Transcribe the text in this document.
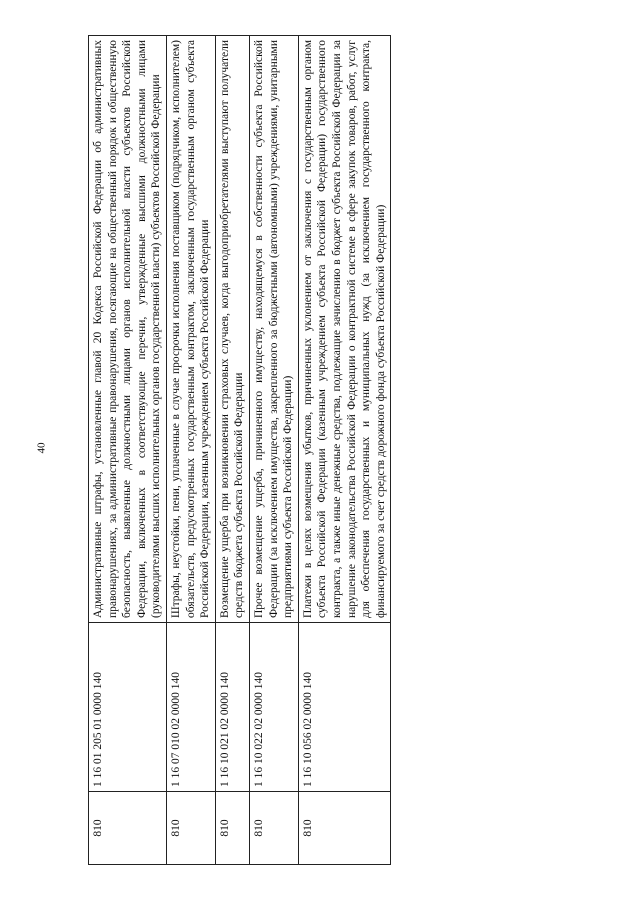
40
810	1 16 01 205 01 0000 140	Административные штрафы, установленные главой 20 Кодекса Российской Федерации об административных правонарушениях, за административные правонарушения, посягающие на общественный порядок и общественную безопасность, выявленные должностными лицами органов исполнительной власти субъектов Российской Федерации, включенных в соответствующие перечни, утвержденные высшими должностными лицами (руководителями высших исполнительных органов государственной власти) субъектов Российской Федерации
810	1 16 07 010 02 0000 140	Штрафы, неустойки, пени, уплаченные в случае просрочки исполнения поставщиком (подрядчиком, исполнителем) обязательств, предусмотренных государственным контрактом, заключенным государственным органом субъекта Российской Федерации, казенным учреждением субъекта Российской Федерации
810	1 16 10 021 02 0000 140	Возмещение ущерба при возникновении страховых случаев, когда выгодоприобретателями выступают получатели средств бюджета субъекта Российской Федерации
810	1 16 10 022 02 0000 140	Прочее возмещение ущерба, причиненного имуществу, находящемуся в собственности субъекта Российской Федерации (за исключением имущества, закрепленного за бюджетными (автономными) учреждениями, унитарными предприятиями субъекта Российской Федерации)
810	1 16 10 056 02 0000 140	Платежи в целях возмещения убытков, причиненных уклонением от заключения с государственным органом субъекта Российской Федерации (казенным учреждением субъекта Российской Федерации) государственного контракта, а также иные денежные средства, подлежащие зачислению в бюджет субъекта Российской Федерации за нарушение законодательства Российской Федерации о контрактной системе в сфере закупок товаров, работ, услуг для обеспечения государственных и муниципальных нужд (за исключением государственного контракта, финансируемого за счет средств дорожного фонда субъекта Российской Федерации)
